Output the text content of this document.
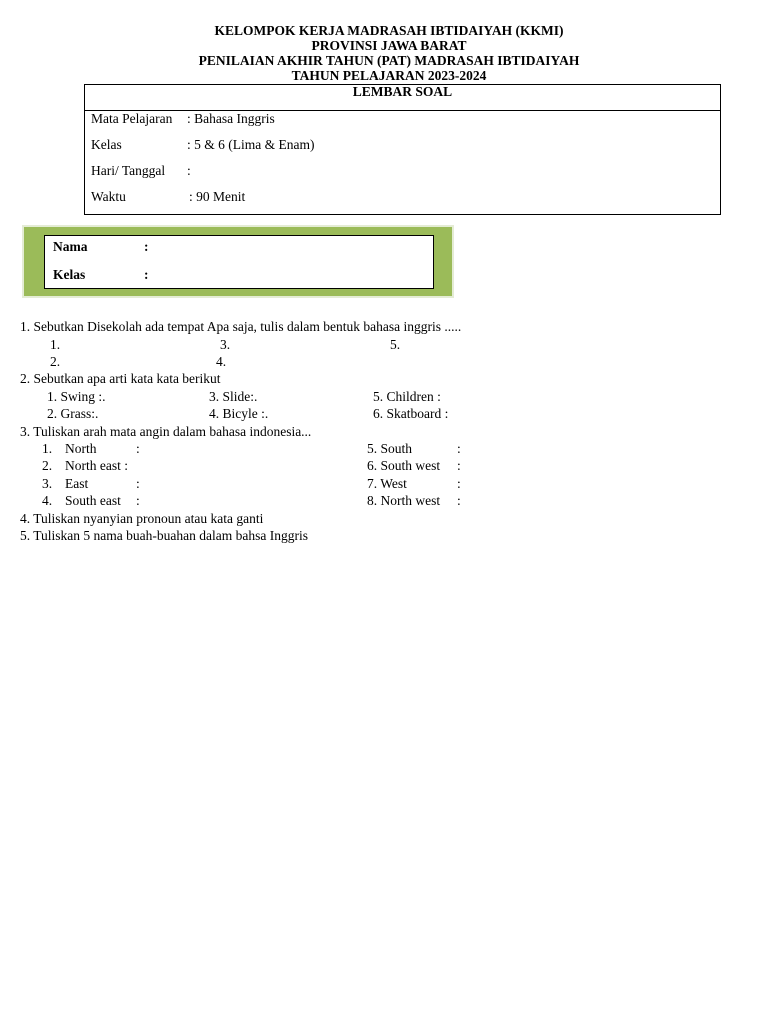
KELOMPOK KERJA MADRASAH IBTIDAIYAH (KKMI)
PROVINSI JAWA BARAT
PENILAIAN AKHIR TAHUN (PAT) MADRASAH IBTIDAIYAH
TAHUN PELAJARAN 2023-2024
LEMBAR SOAL
Mata Pelajaran : Bahasa Inggris
Kelas	: 5 & 6 (Lima & Enam)
Hari/ Tanggal :
Waktu	: 90 Menit
Nama	:
Kelas	:
1. Sebutkan Disekolah ada tempat Apa saja, tulis dalam bentuk bahasa inggris .....
1.
2.
3.
4.
5.
2. Sebutkan apa arti kata kata berikut
1. Swing :.
2. Grass:.
3. Slide:.
4. Bicyle :.
5. Children :
6. Skatboard :
3. Tuliskan arah mata angin dalam bahasa indonesia...
1. North	:
2. North east :
3. East	:
4. South east :
5. South	:
6. South west :
7. West	:
8. North west :
4. Tuliskan nyanyian pronoun atau kata ganti
5. Tuliskan 5 nama buah-buahan dalam bahsa Inggris
